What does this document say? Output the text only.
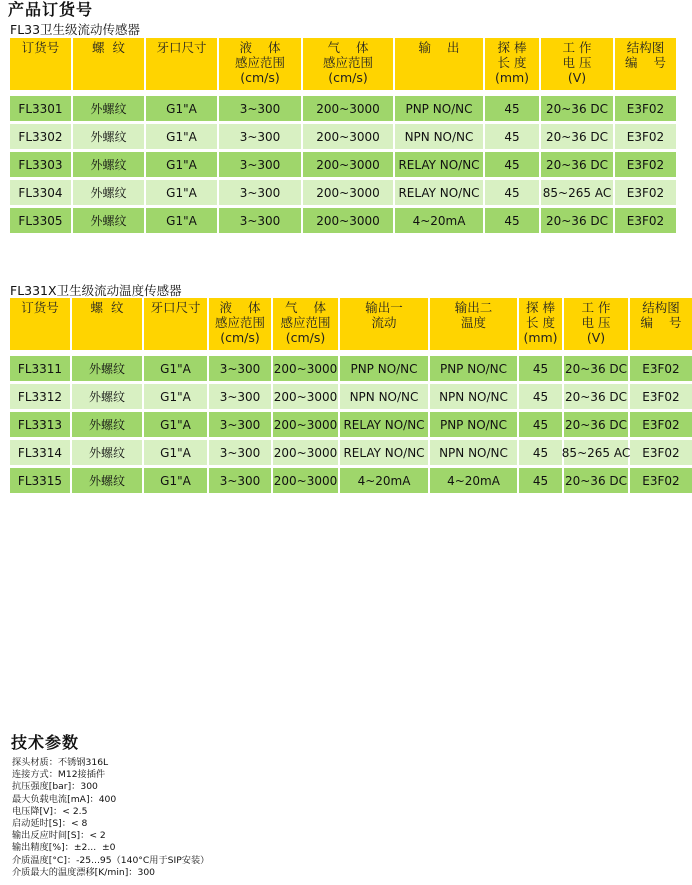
产品订货号
FL33卫生级流动传感器
订货号
FL3301
FL3302
FL3303
FL3304
FL3305
螺  纹
外螺纹
外螺纹
外螺纹
外螺纹
外螺纹
牙口尺寸
G1"A
G1"A
G1"A
G1"A
G1"A
液    体
感应范围
(cm/s)
3~300
3~300
3~300
3~300
3~300
气    体
感应范围
(cm/s)
200~3000
200~3000
200~3000
200~3000
200~3000
输    出
PNP NO/NC
NPN NO/NC
RELAY NO/NC
RELAY NO/NC
4~20mA
探 棒
长 度
(mm)
45
45
45
45
45
工 作
电 压
(V)
20~36 DC
20~36 DC
20~36 DC
85~265 AC
20~36 DC
结构图
编    号
E3F02
E3F02
E3F02
E3F02
E3F02
FL331X卫生级流动温度传感器
订货号
FL3311
FL3312
FL3313
FL3314
FL3315
螺  纹
外螺纹
外螺纹
外螺纹
外螺纹
外螺纹
牙口尺寸
G1"A
G1"A
G1"A
G1"A
G1"A
液    体
感应范围
(cm/s)
3~300
3~300
3~300
3~300
3~300
气    体
感应范围
(cm/s)
200~3000
200~3000
200~3000
200~3000
200~3000
输出一
流动
PNP NO/NC
NPN NO/NC
RELAY NO/NC
RELAY NO/NC
4~20mA
输出二
温度
PNP NO/NC
NPN NO/NC
PNP NO/NC
NPN NO/NC
4~20mA
探 棒
长 度
(mm)
45
45
45
45
45
工 作
电 压
(V)
20~36 DC
20~36 DC
20~36 DC
85~265 AC
20~36 DC
结构图
编    号
E3F02
E3F02
E3F02
E3F02
E3F02
技术参数
探头材质：不锈钢316L
连接方式：M12接插件
抗压强度[bar]：300
最大负载电流[mA]：400
电压降[V]：< 2.5
启动延时[S]：< 8
输出反应时间[S]：< 2
输出精度[%]：±2...  ±0
介质温度[°C]：-25...95（140°C用于SIP安装）
介质最大的温度漂移[K/min]：300
